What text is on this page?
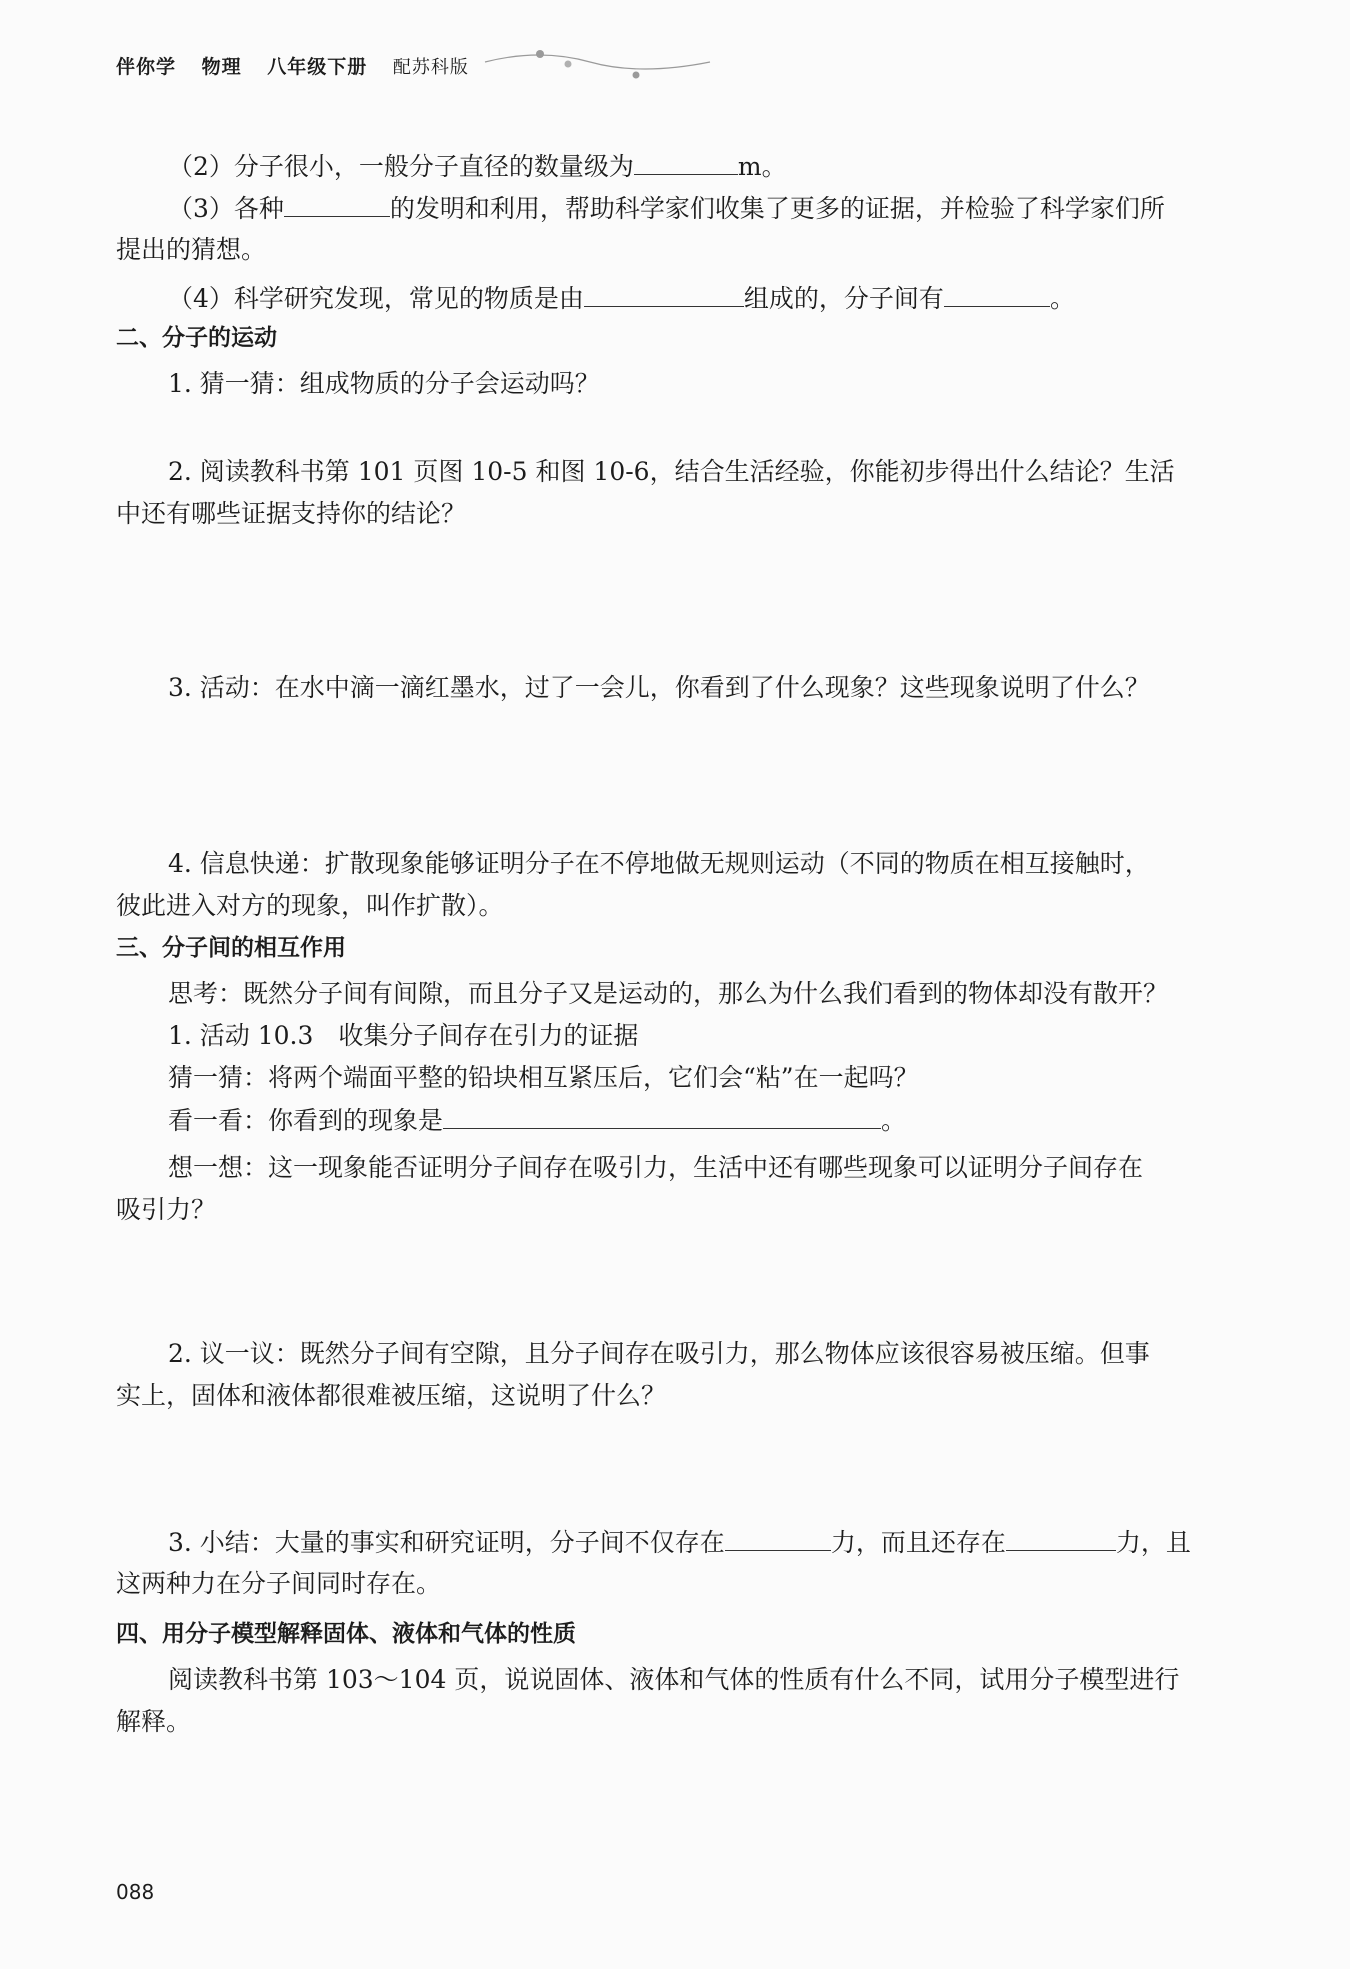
伴你学 物理 八年级下册 配苏科版
（2）分子很小，一般分子直径的数量级为	m。
（3）各种	的发明和利用，帮助科学家们收集了更多的证据，并检验了科学家们所
提出的猜想。
（4）科学研究发现，常见的物质是由	组成的，分子间有	。
二、分子的运动
1. 猜一猜：组成物质的分子会运动吗？
2. 阅读教科书第 101 页图 10-5 和图 10-6，结合生活经验，你能初步得出什么结论？生活
中还有哪些证据支持你的结论？
3. 活动：在水中滴一滴红墨水，过了一会儿，你看到了什么现象？这些现象说明了什么？
4. 信息快递：扩散现象能够证明分子在不停地做无规则运动（不同的物质在相互接触时，
彼此进入对方的现象，叫作扩散）。
三、分子间的相互作用
思考：既然分子间有间隙，而且分子又是运动的，那么为什么我们看到的物体却没有散开？
1. 活动 10.3　收集分子间存在引力的证据
猜一猜：将两个端面平整的铅块相互紧压后，它们会“粘”在一起吗？
看一看：你看到的现象是	。
想一想：这一现象能否证明分子间存在吸引力，生活中还有哪些现象可以证明分子间存在
吸引力？
2. 议一议：既然分子间有空隙，且分子间存在吸引力，那么物体应该很容易被压缩。但事
实上，固体和液体都很难被压缩，这说明了什么？
3. 小结：大量的事实和研究证明，分子间不仅存在	力，而且还存在	力，且
这两种力在分子间同时存在。
四、用分子模型解释固体、液体和气体的性质
阅读教科书第 103～104 页，说说固体、液体和气体的性质有什么不同，试用分子模型进行
解释。
088
